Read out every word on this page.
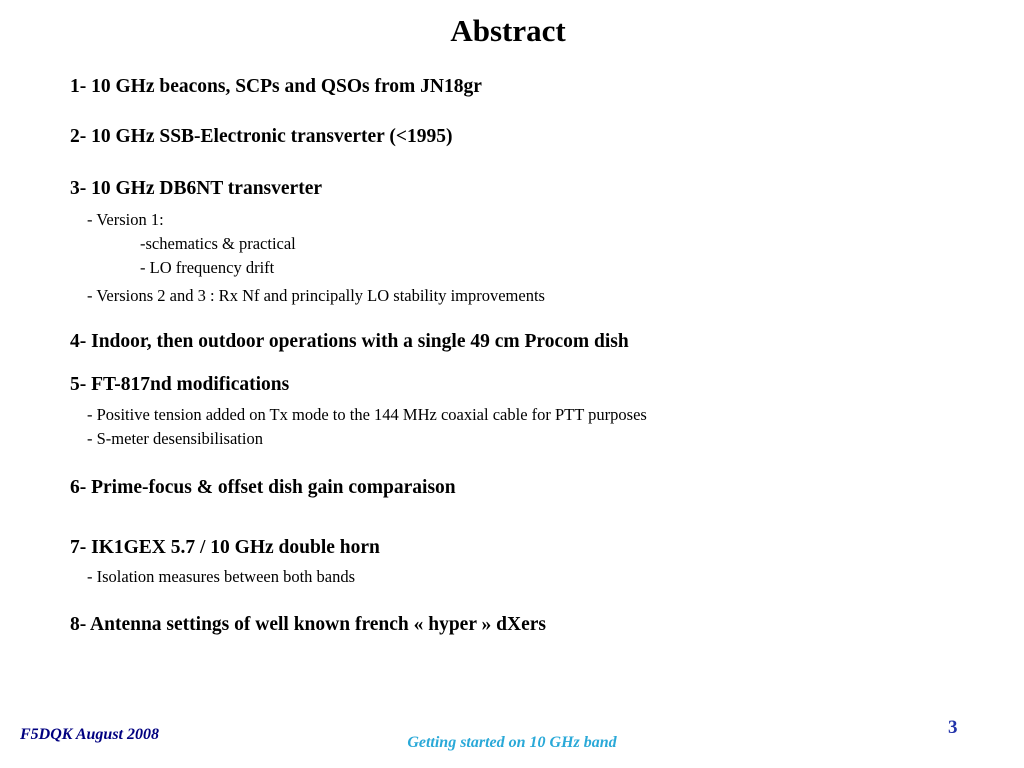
Abstract
1- 10 GHz beacons, SCPs and QSOs from JN18gr
2- 10 GHz SSB-Electronic transverter (<1995)
3- 10 GHz DB6NT transverter
- Version 1:
-schematics & practical
- LO frequency drift
- Versions 2 and 3 : Rx Nf and principally LO stability improvements
4- Indoor, then outdoor operations with a single 49 cm Procom dish
5- FT-817nd modifications
- Positive tension added on Tx mode to the 144 MHz coaxial cable for PTT purposes
- S-meter desensibilisation
6- Prime-focus & offset dish gain comparaison
7- IK1GEX 5.7 / 10 GHz double horn
- Isolation measures between both bands
8- Antenna settings of well known french « hyper » dXers
F5DQK August 2008	Getting started on 10 GHz band
3
